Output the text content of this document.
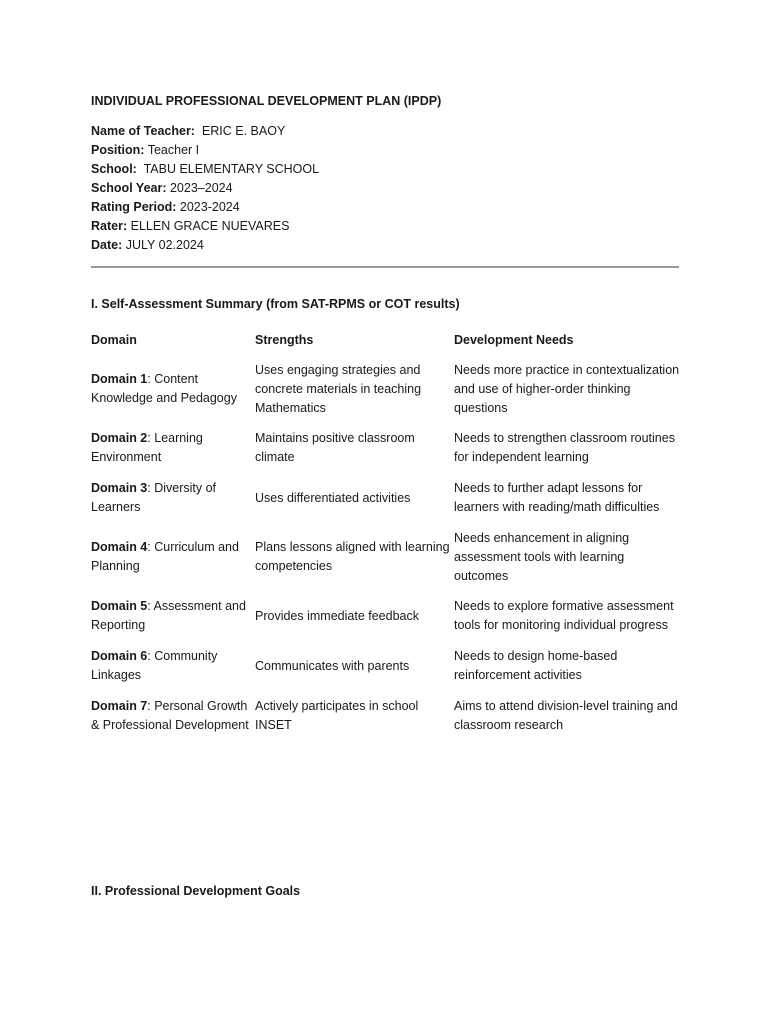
INDIVIDUAL PROFESSIONAL DEVELOPMENT PLAN (IPDP)
Name of Teacher: ERIC E. BAOY
Position: Teacher I
School: TABU ELEMENTARY SCHOOL
School Year: 2023–2024
Rating Period: 2023-2024
Rater: ELLEN GRACE NUEVARES
Date: JULY 02.2024
I. Self-Assessment Summary (from SAT-RPMS or COT results)
Domain	Strengths	Development Needs
Domain 1: Content Knowledge and Pedagogy	Uses engaging strategies and concrete materials in teaching Mathematics	Needs more practice in contextualization and use of higher-order thinking questions
Domain 2: Learning Environment	Maintains positive classroom climate	Needs to strengthen classroom routines for independent learning
Domain 3: Diversity of Learners	Uses differentiated activities	Needs to further adapt lessons for learners with reading/math difficulties
Domain 4: Curriculum and Planning	Plans lessons aligned with learning competencies	Needs enhancement in aligning assessment tools with learning outcomes
Domain 5: Assessment and Reporting	Provides immediate feedback	Needs to explore formative assessment tools for monitoring individual progress
Domain 6: Community Linkages	Communicates with parents	Needs to design home-based reinforcement activities
Domain 7: Personal Growth & Professional Development	Actively participates in school INSET	Aims to attend division-level training and classroom research
II. Professional Development Goals
